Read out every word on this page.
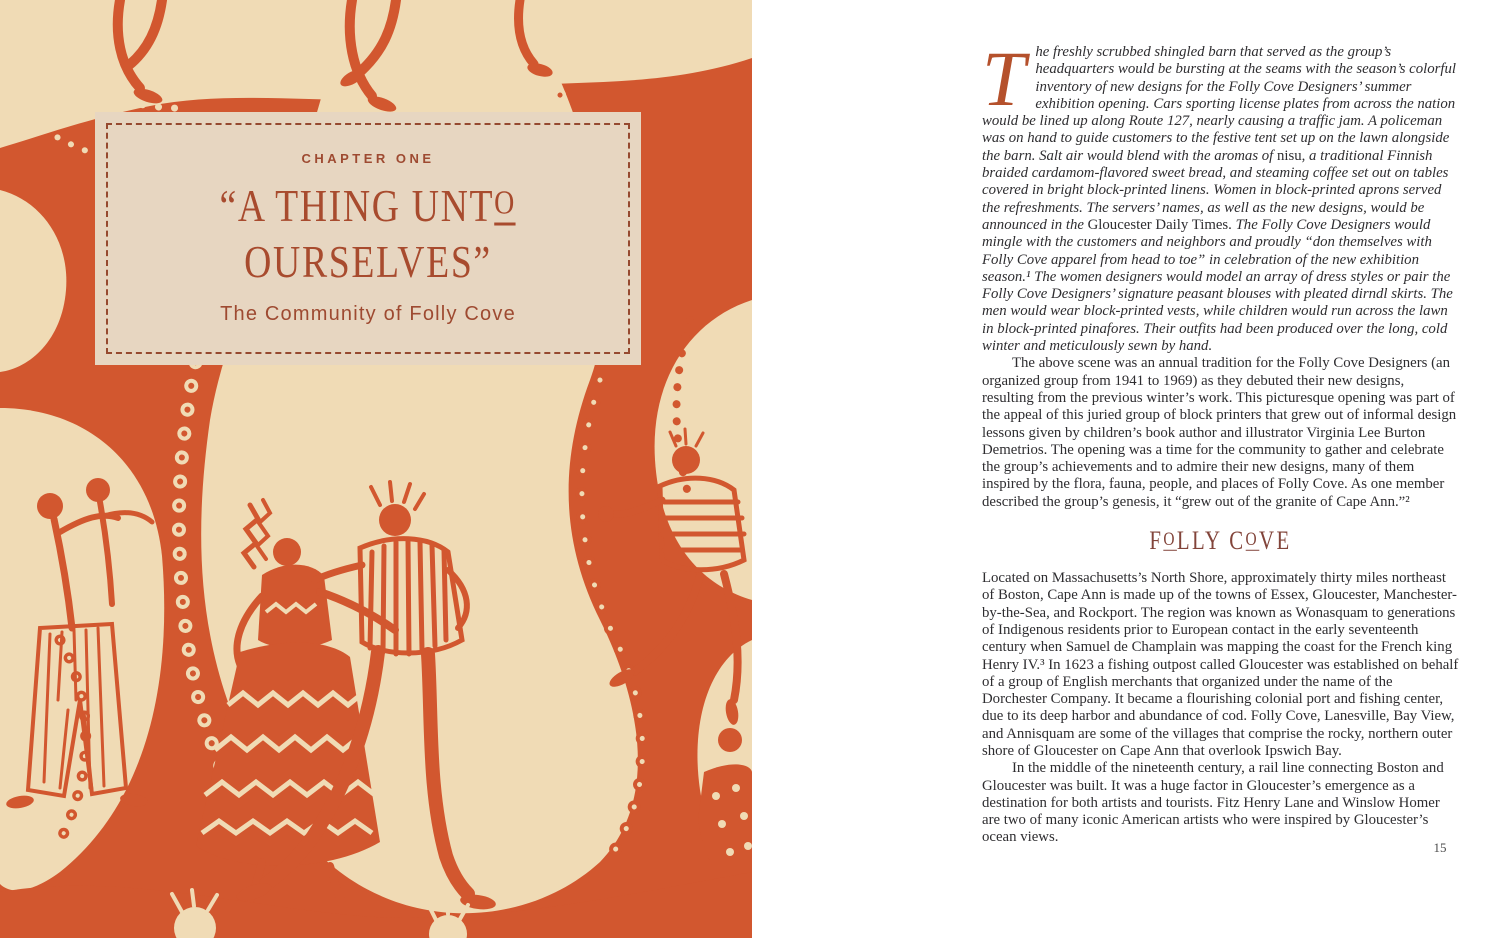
CHAPTER ONE
“A THING UNTO
OURSELVES”
The Community of Folly Cove

The freshly scrubbed shingled barn that served as the group’s headquarters would be bursting at the seams with the season’s colorful inventory of new designs for the Folly Cove Designers’ summer exhibition opening. Cars sporting license plates from across the nation would be lined up along Route 127, nearly causing a traffic jam. A policeman was on hand to guide customers to the festive tent set up on the lawn alongside the barn. Salt air would blend with the aromas of nisu, a traditional Finnish braided cardamom-flavored sweet bread, and steaming coffee set out on tables covered in bright block-printed linens. Women in block-printed aprons served the refreshments. The servers’ names, as well as the new designs, would be announced in the Gloucester Daily Times. The Folly Cove Designers would mingle with the customers and neighbors and proudly “don themselves with Folly Cove apparel from head to toe” in celebration of the new exhibition season.¹ The women designers would model an array of dress styles or pair the Folly Cove Designers’ signature peasant blouses with pleated dirndl skirts. The men would wear block-printed vests, while children would run across the lawn in block-printed pinafores. Their outfits had been produced over the long, cold winter and meticulously sewn by hand.

The above scene was an annual tradition for the Folly Cove Designers (an organized group from 1941 to 1969) as they debuted their new designs, resulting from the previous winter’s work. This picturesque opening was part of the appeal of this juried group of block printers that grew out of informal design lessons given by children’s book author and illustrator Virginia Lee Burton Demetrios. The opening was a time for the community to gather and celebrate the group’s achievements and to admire their new designs, many of them inspired by the flora, fauna, people, and places of Folly Cove. As one member described the group’s genesis, it “grew out of the granite of Cape Ann.”²

FOLLY COVE

Located on Massachusetts’s North Shore, approximately thirty miles northeast of Boston, Cape Ann is made up of the towns of Essex, Gloucester, Manchester-by-the-Sea, and Rockport. The region was known as Wonasquam to generations of Indigenous residents prior to European contact in the early seventeenth century when Samuel de Champlain was mapping the coast for the French king Henry IV.³ In 1623 a fishing outpost called Gloucester was established on behalf of a group of English merchants that organized under the name of the Dorchester Company. It became a flourishing colonial port and fishing center, due to its deep harbor and abundance of cod. Folly Cove, Lanesville, Bay View, and Annisquam are some of the villages that comprise the rocky, northern outer shore of Gloucester on Cape Ann that overlook Ipswich Bay.

In the middle of the nineteenth century, a rail line connecting Boston and Gloucester was built. It was a huge factor in Gloucester’s emergence as a destination for both artists and tourists. Fitz Henry Lane and Winslow Homer are two of many iconic American artists who were inspired by Gloucester’s ocean views.

15
